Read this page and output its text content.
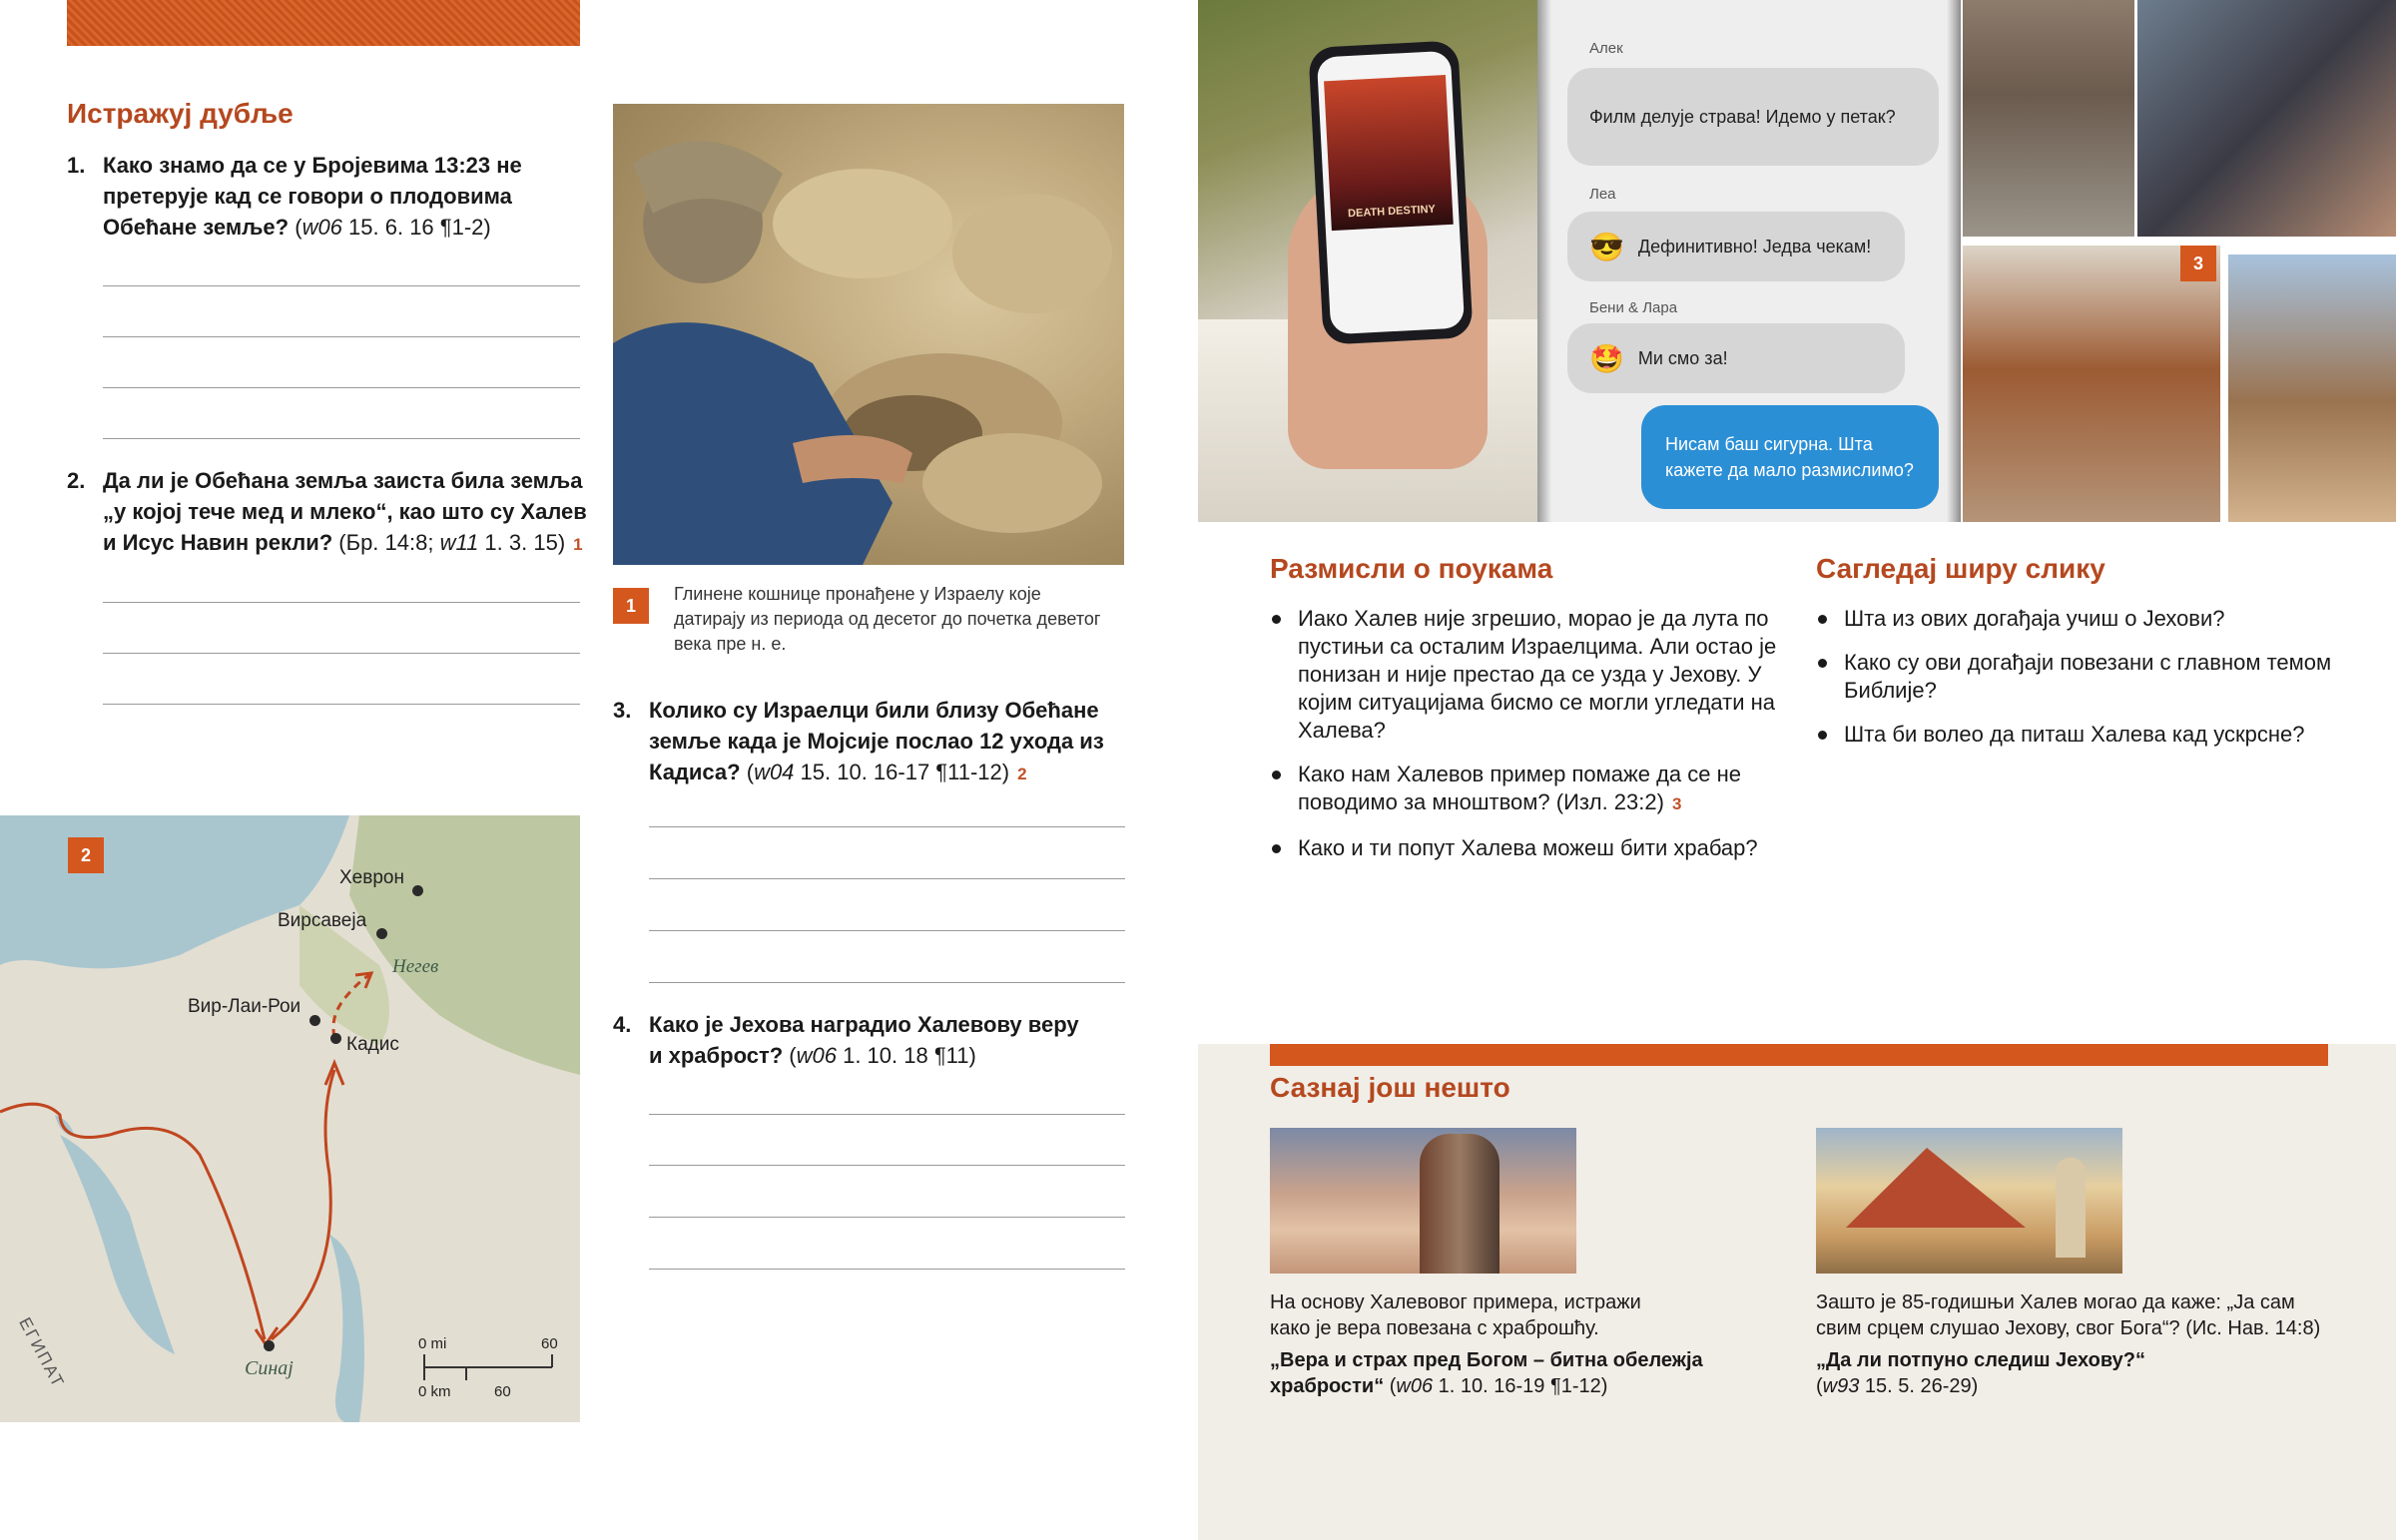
Истражуј дубље
1. Како знамо да се у Бројевима 13:23 не
претерује кад се говори о плодовима
Обећане земље? (w06 15. 6. 16 ¶1-2)
2. Да ли је Обећана земља заиста била земља
„у којој тече мед и млеко“, као што су Халев
и Исус Навин рекли? (Бр. 14:8; w11 1. 3. 15) 1
1
Глинене кошнице пронађене у Израелу које датирају из периода од десетог до почетка деветог века пре н. е.
3. Колико су Израелци били близу Обећане
земље када је Мојсије послао 12 ухода из
Кадиса? (w04 15. 10. 16-17 ¶11-12) 2
4. Како је Јехова наградио Халевову веру
и храброст? (w06 1. 10. 18 ¶11)
2
Хеврон
Вирсавеја
Негев
Вир-Лаи-Рои
Кадис
ЕГИПАТ	Синај
0 mi	60
0 km	60
DEATH DESTINY
Алек
Филм делује страва! Идемо у петак?
Леа
😎 Дефинитивно! Једва чекам!
Бени & Лара
🤩 Ми смо за!
Нисам баш сигурна. Шта кажете да мало размислимо?
3
Размисли о поукама
Иако Халев није згрешио, морао је да лута по пустињи са осталим Израелцима. Али остао је понизан и није престао да се узда у Јехову. У којим ситуацијама бисмо се могли угледати на Халева?
Како нам Халевов пример помаже да се не поводимо за мноштвом? (Изл. 23:2) 3
Како и ти попут Халева можеш бити храбар?
Сагледај ширу слику
Шта из ових догађаја учиш о Јехови?
Како су ови догађаји повезани с главном темом Библије?
Шта би волео да питаш Халева кад ускрсне?
Сазнај још нешто
На основу Халевовог примера, истражи како је вера повезана с храброшћу.
„Вера и страх пред Богом – битна обележја храбрости“ (w06 1. 10. 16-19 ¶1-12)
Зашто је 85-годишњи Халев могао да каже: „Ја сам свим срцем слушао Јехову, свог Бога“? (Ис. Нав. 14:8)
„Да ли потпуно следиш Јехову?“
(w93 15. 5. 26-29)
